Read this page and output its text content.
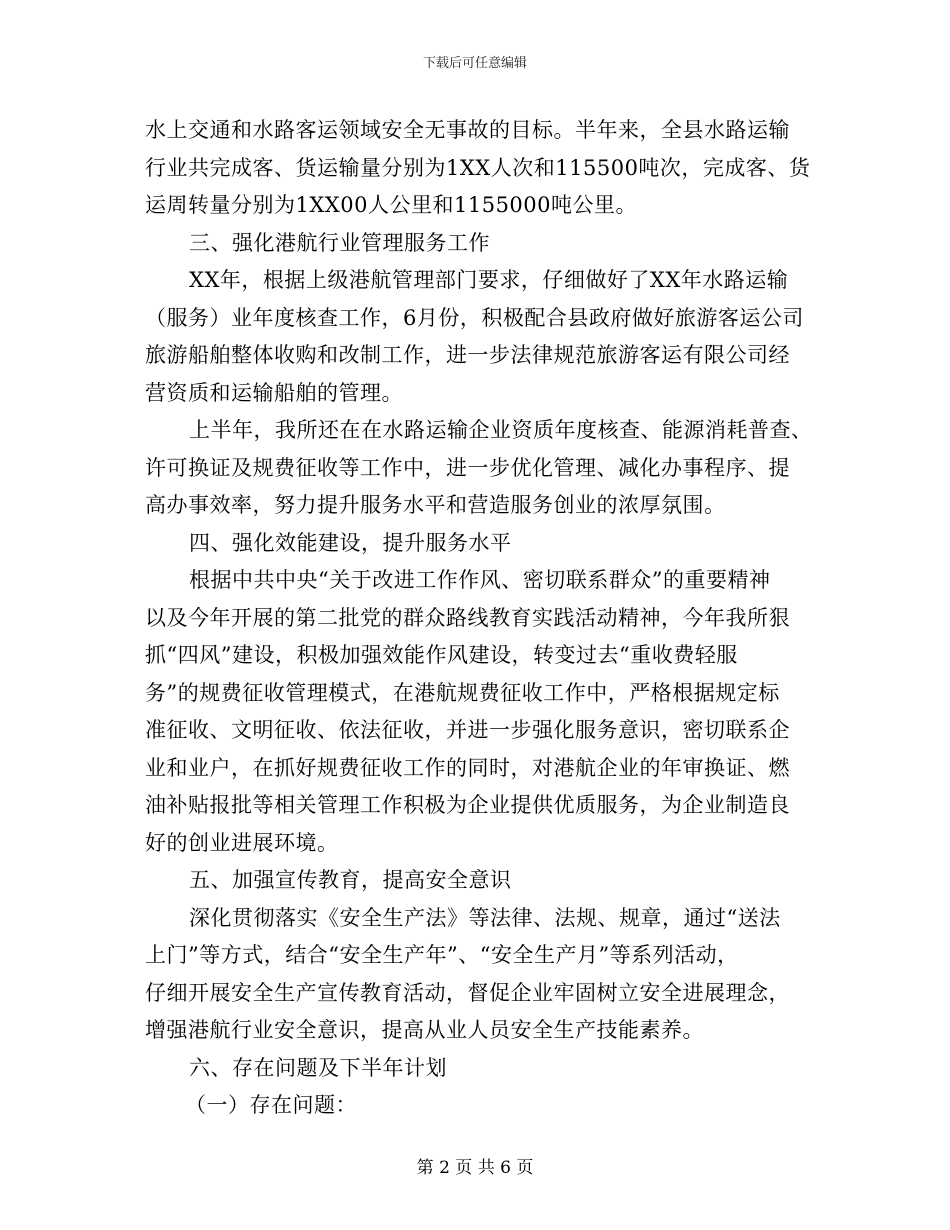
下载后可任意编辑
水上交通和水路客运领域安全无事故的目标。半年来，全县水路运输
行业共完成客、货运输量分别为1XX人次和115500吨次，完成客、货
运周转量分别为1XX00人公里和1155000吨公里。
三、强化港航行业管理服务工作
XX年，根据上级港航管理部门要求，仔细做好了XX年水路运输
（服务）业年度核查工作，6月份，积极配合县政府做好旅游客运公司
旅游船舶整体收购和改制工作，进一步法律规范旅游客运有限公司经
营资质和运输船舶的管理。
上半年，我所还在在水路运输企业资质年度核查、能源消耗普查、
许可换证及规费征收等工作中，进一步优化管理、减化办事程序、提
高办事效率，努力提升服务水平和营造服务创业的浓厚氛围。
四、强化效能建设，提升服务水平
根据中共中央“关于改进工作作风、密切联系群众”的重要精神
以及今年开展的第二批党的群众路线教育实践活动精神，今年我所狠
抓“四风”建设，积极加强效能作风建设，转变过去“重收费轻服
务”的规费征收管理模式，在港航规费征收工作中，严格根据规定标
准征收、文明征收、依法征收，并进一步强化服务意识，密切联系企
业和业户，在抓好规费征收工作的同时，对港航企业的年审换证、燃
油补贴报批等相关管理工作积极为企业提供优质服务，为企业制造良
好的创业进展环境。
五、加强宣传教育，提高安全意识
深化贯彻落实《安全生产法》等法律、法规、规章，通过“送法
上门”等方式，结合“安全生产年”、“安全生产月”等系列活动，
仔细开展安全生产宣传教育活动，督促企业牢固树立安全进展理念，
增强港航行业安全意识，提高从业人员安全生产技能素养。
六、存在问题及下半年计划
（一）存在问题：
第 2 页 共 6 页
